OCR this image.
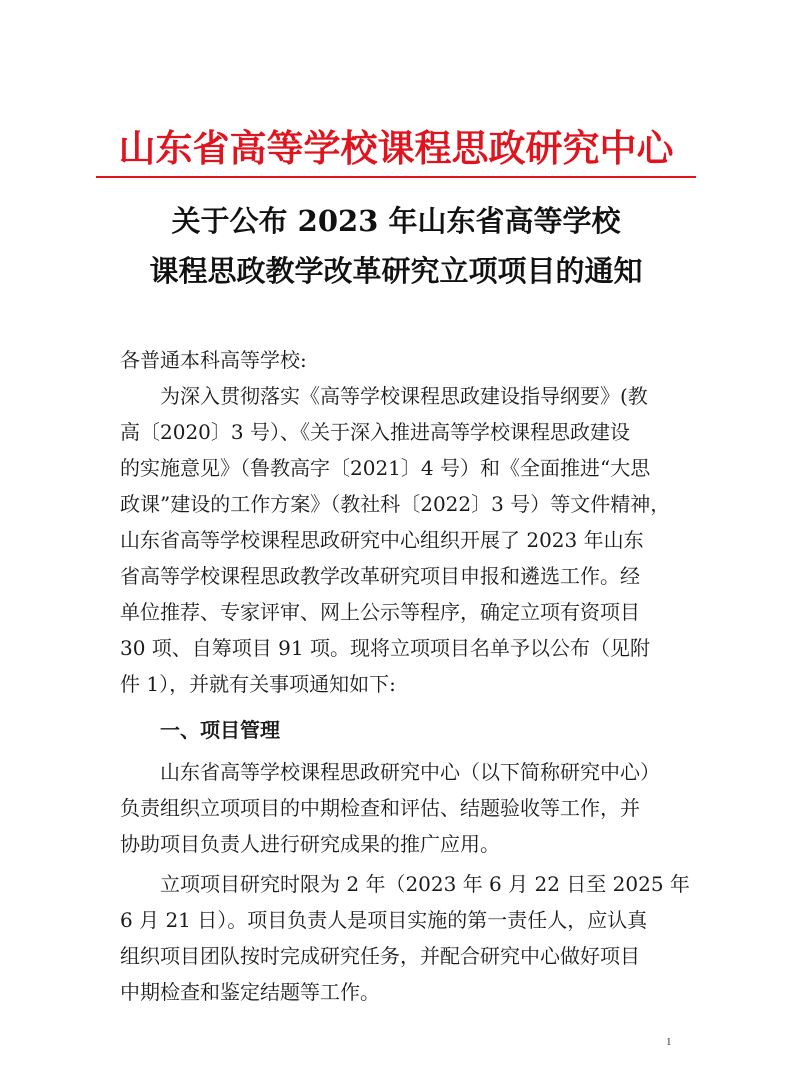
山东省高等学校课程思政研究中心
关于公布 2023 年山东省高等学校
课程思政教学改革研究立项项目的通知
各普通本科高等学校:
为深入贯彻落实《高等学校课程思政建设指导纲要》(教
高〔2020〕3 号）、《关于深入推进高等学校课程思政建设
的实施意见》（鲁教高字〔2021〕4 号）和《全面推进“大思
政课”建设的工作方案》（教社科〔2022〕3 号）等文件精神，
山东省高等学校课程思政研究中心组织开展了 2023 年山东
省高等学校课程思政教学改革研究项目申报和遴选工作。经
单位推荐、专家评审、网上公示等程序，确定立项有资项目
30 项、自筹项目 91 项。现将立项项目名单予以公布（见附
件 1），并就有关事项通知如下:
一、项目管理
山东省高等学校课程思政研究中心（以下简称研究中心）
负责组织立项项目的中期检查和评估、结题验收等工作，并
协助项目负责人进行研究成果的推广应用。
立项项目研究时限为 2 年（2023 年 6 月 22 日至 2025 年
6 月 21 日）。项目负责人是项目实施的第一责任人，应认真
组织项目团队按时完成研究任务，并配合研究中心做好项目
中期检查和鉴定结题等工作。
1
